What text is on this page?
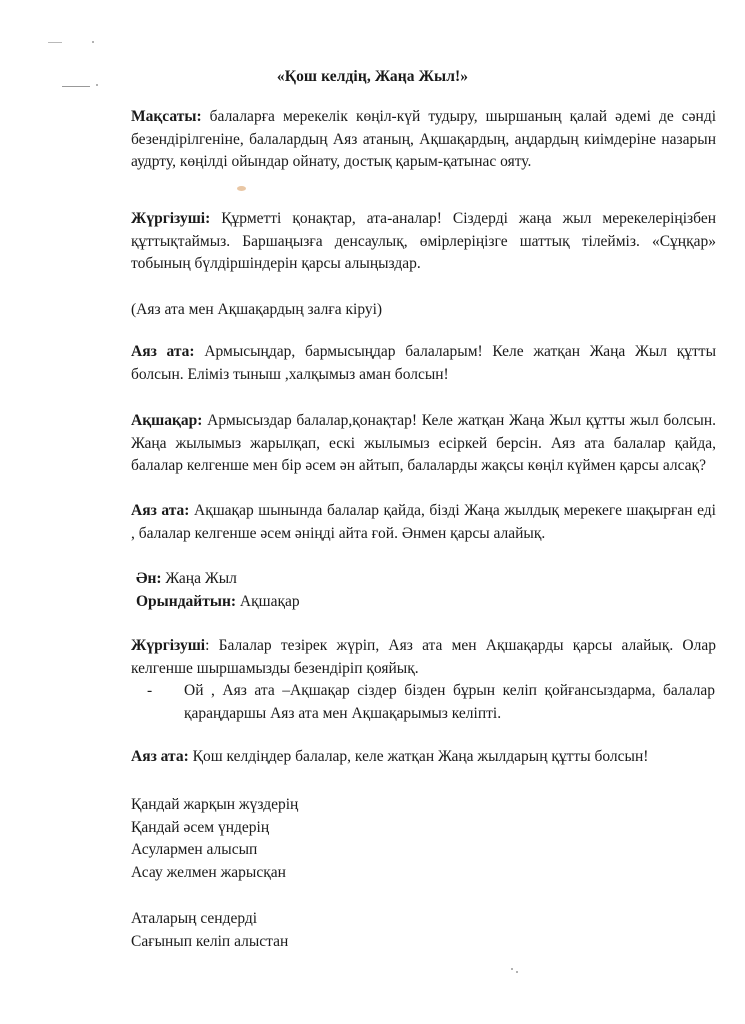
«Қош келдің, Жаңа Жыл!»
Мақсаты: балаларға мерекелік көңіл-күй тудыру, шыршаның қалай әдемі де сәнді безендірілгеніне, балалардың Аяз атаның, Ақшақардың, аңдардың киімдеріне назарын аудрту, көңілді ойындар ойнату, достық қарым-қатынас ояту.
Жүргізуші: Құрметті қонақтар, ата-аналар! Сіздерді жаңа жыл мерекелеріңізбен құттықтаймыз. Баршаңызға денсаулық, өмірлеріңізге шаттық тілейміз. «Сұңқар» тобының бүлдіршіндерін қарсы алыңыздар.
(Аяз ата мен Ақшақардың залға кіруі)
Аяз ата: Армысыңдар, бармысыңдар балаларым! Келе жатқан Жаңа Жыл құтты болсын. Еліміз тыныш ,халқымыз аман болсын!
Ақшақар: Армысыздар балалар,қонақтар! Келе жатқан Жаңа Жыл құтты жыл болсын. Жаңа жылымыз жарылқап, ескі жылымыз есіркей берсін. Аяз ата балалар қайда, балалар келгенше мен бір әсем ән айтып, балаларды жақсы көңіл күймен қарсы алсақ?
Аяз ата: Ақшақар шынында балалар қайда, бізді Жаңа жылдық мерекеге шақырған еді , балалар келгенше әсем әніңді айта ғой. Әнмен қарсы алайық.
Ән: Жаңа Жыл
Орындайтын: Ақшақар
Жүргізуші: Балалар тезірек жүріп, Аяз ата мен Ақшақарды қарсы алайық. Олар келгенше шыршамызды безендіріп қояйық.
- Ой , Аяз ата –Ақшақар сіздер бізден бұрын келіп қойғансыздарма, балалар қараңдаршы Аяз ата мен Ақшақарымыз келіпті.
Аяз ата: Қош келдіңдер балалар, келе жатқан Жаңа жылдарың құтты болсын!
Қандай жарқын жүздерің
Қандай әсем үндерің
Асулармен алысып
Асау желмен жарысқан
Аталарың сендерді
Сағынып келіп алыстан
